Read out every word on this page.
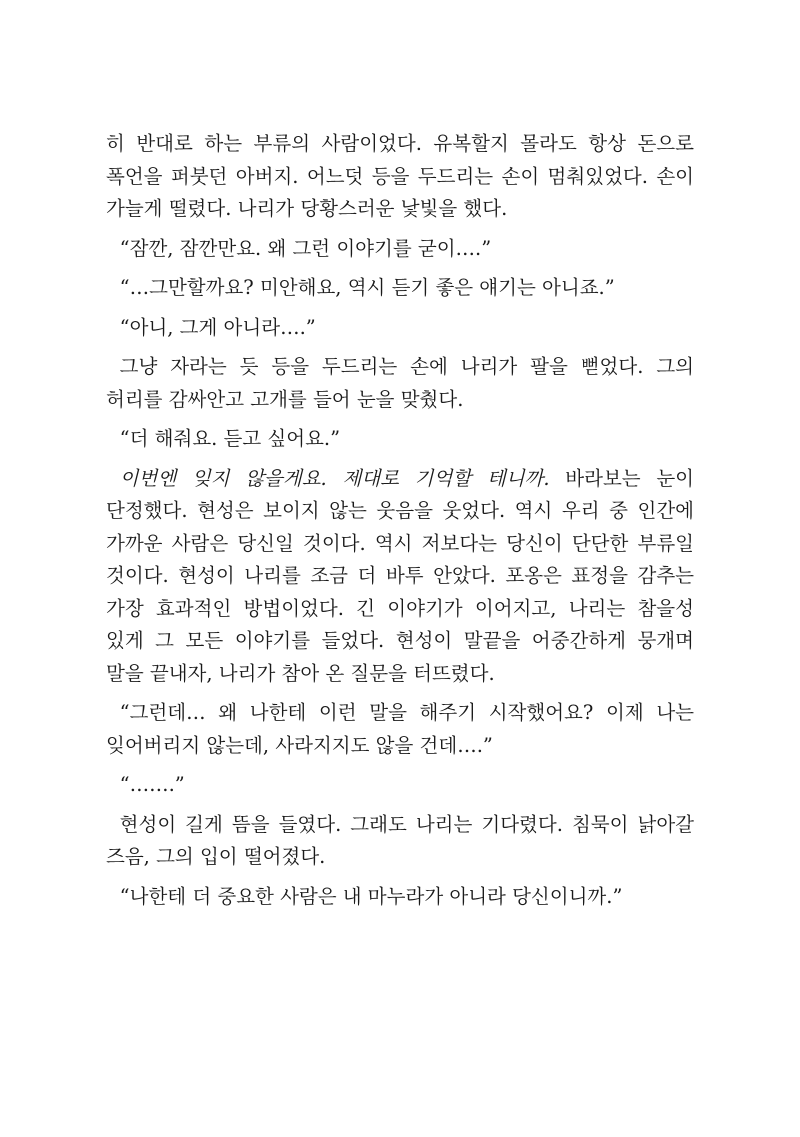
히 반대로 하는 부류의 사람이었다. 유복할지 몰라도 항상 돈으로 폭언을 퍼붓던 아버지. 어느덧 등을 두드리는 손이 멈춰있었다. 손이 가늘게 떨렸다. 나리가 당황스러운 낯빛을 했다.

“잠깐, 잠깐만요. 왜 그런 이야기를 굳이….”

“…그만할까요? 미안해요, 역시 듣기 좋은 얘기는 아니죠.”

“아니, 그게 아니라….”

그냥 자라는 듯 등을 두드리는 손에 나리가 팔을 뻗었다. 그의 허리를 감싸안고 고개를 들어 눈을 맞췄다.

“더 해줘요. 듣고 싶어요.”

이번엔 잊지 않을게요. 제대로 기억할 테니까. 바라보는 눈이 단정했다. 현성은 보이지 않는 웃음을 웃었다. 역시 우리 중 인간에 가까운 사람은 당신일 것이다. 역시 저보다는 당신이 단단한 부류일 것이다. 현성이 나리를 조금 더 바투 안았다. 포옹은 표정을 감추는 가장 효과적인 방법이었다. 긴 이야기가 이어지고, 나리는 참을성 있게 그 모든 이야기를 들었다. 현성이 말끝을 어중간하게 뭉개며 말을 끝내자, 나리가 참아 온 질문을 터뜨렸다.

“그런데… 왜 나한테 이런 말을 해주기 시작했어요? 이제 나는 잊어버리지 않는데, 사라지지도 않을 건데….”

“…….”

현성이 길게 뜸을 들였다. 그래도 나리는 기다렸다. 침묵이 낡아갈 즈음, 그의 입이 떨어졌다.

“나한테 더 중요한 사람은 내 마누라가 아니라 당신이니까.”
